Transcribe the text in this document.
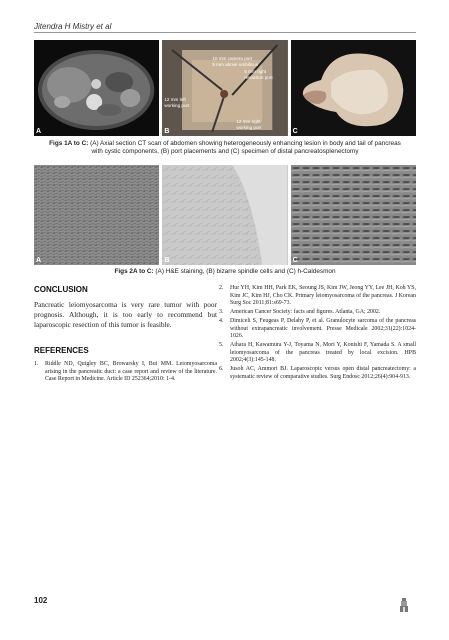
Jitendra H Mistry et al
A
10 mm camera port
5 mm above umbilicus
5 mm right
retraction port
12 mm left
working port
12 mm right
working port
B	C
Figs 1A to C: (A) Axial section CT scan of abdomen showing heterogeneously enhancing lesion in body and tail of pancreas with cystic components, (B) port placements and (C) specimen of distal pancreatosplenectomy
A	B	C
Figs 2A to C: (A) H&E staining, (B) bizarre spindle cells and (C) h-Caldesmon
CONCLUSION

Pancreatic leiomyosarcoma is very rare tumor with poor prognosis. Although, it is too early to recommend but laparoscopic resection of this tumor is feasible.

REFERENCES
1.	Riddle ND, Quigley BC, Browarsky I, Bui MM. Leiomyosarcoma arising in the pancreatic duct: a case report and review of the literature. Case Report in Medicine. Article ID 252364;2010: 1-4.
2.	Hur YH, Kim HH, Park EK, Seoung JS, Kim JW, Jeong YY, Lee JH, Koh YS, Kim JC, Kim HJ, Cho CK. Primary leiomyosarcoma of the pancreas. J Korean Surg Soc 2011;81:s69-73.
3.	American Cancer Society: facts and figures. Atlanta, GA; 2002.
4.	Dimiceli S, Feugeas P, Delaby P, et al. Granulocyte sarcoma of the pancreas without extrapancreatic involvement. Presse Medicale 2002;31(22):1024-1026.
5.	Aihara H, Kawamura Y-J, Toyama N, Mori Y, Konishi F, Yamada S. A small leiomyosarcoma of the pancreas treated by local excision. HPB 2002;4(3):145-148.
6.	Jusoh AC, Ammori BJ. Laparoscopic versus open distal pancreatectomy: a systematic review of comparative studies. Surg Endosc 2012;26(4):904-913.
102
